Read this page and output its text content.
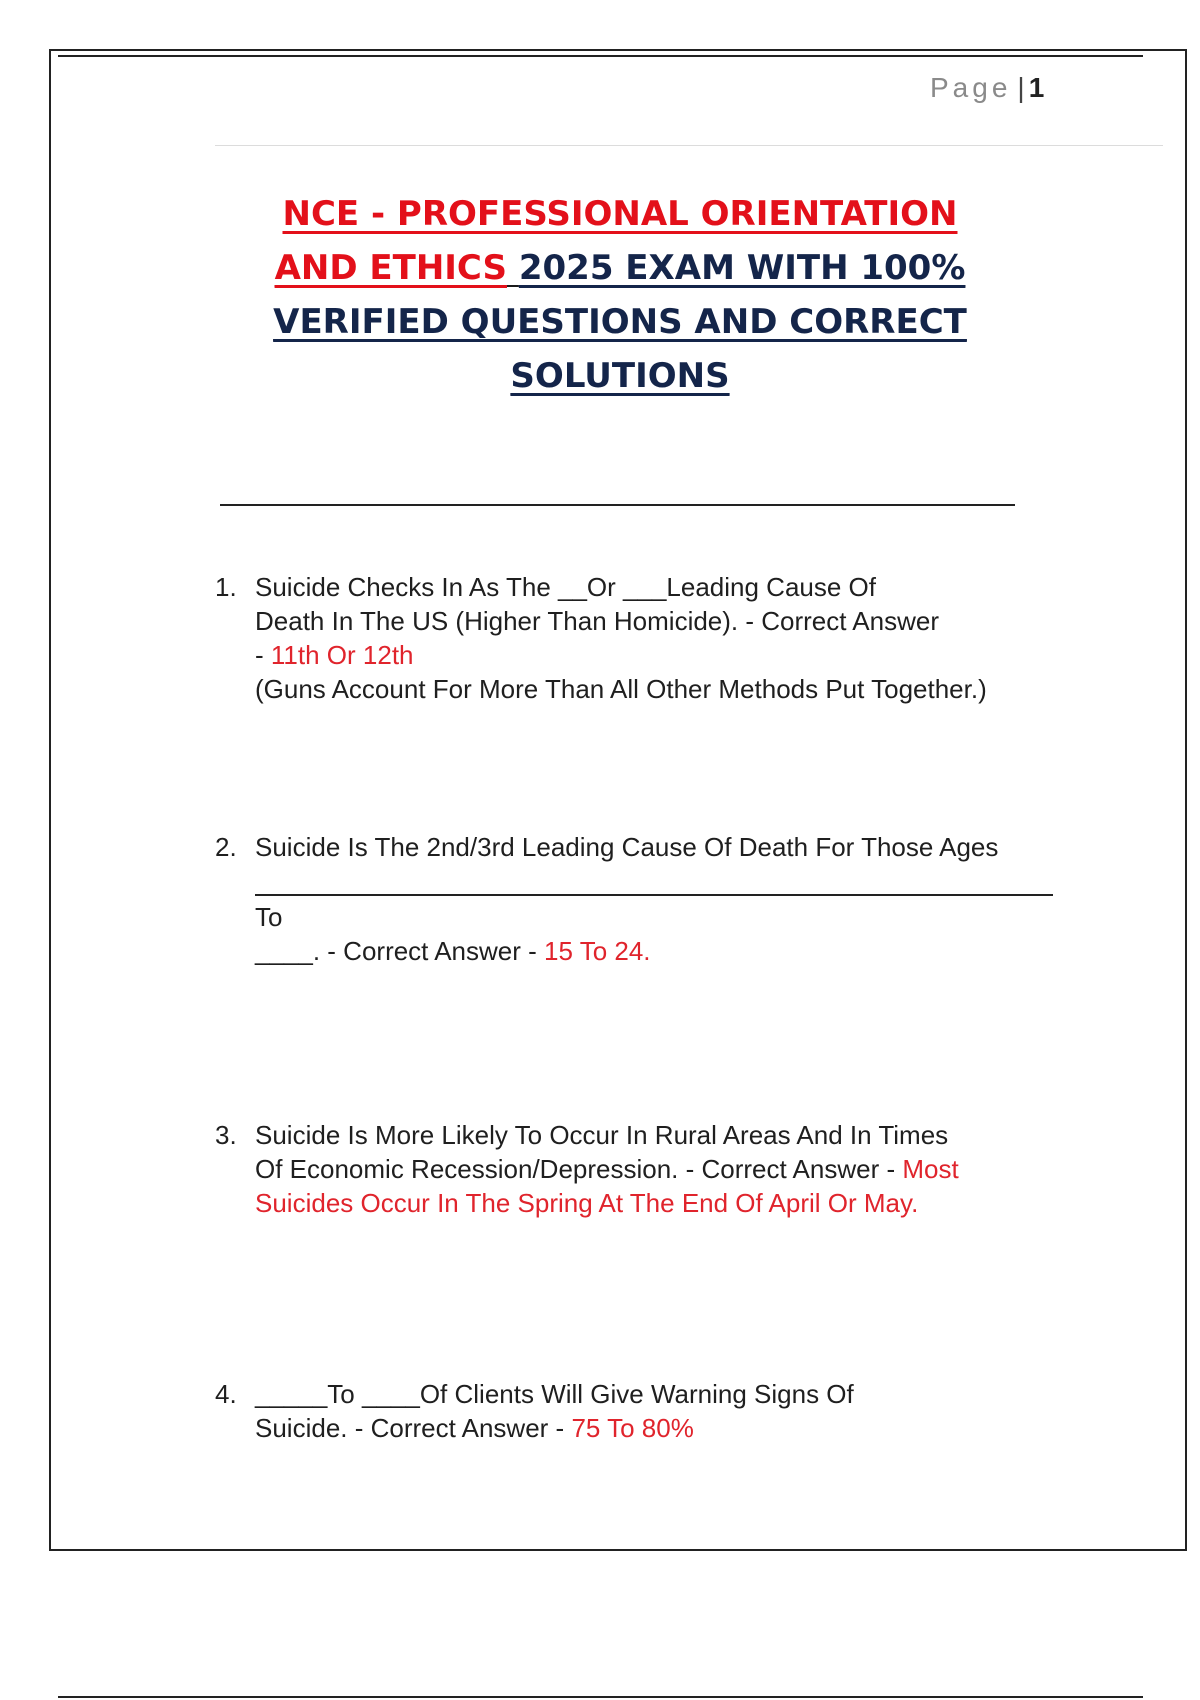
Page | 1
NCE - PROFESSIONAL ORIENTATION
AND ETHICS 2025 EXAM WITH 100% VERIFIED QUESTIONS AND CORRECT SOLUTIONS
1. Suicide Checks In As The __Or ___Leading Cause Of Death In The US (Higher Than Homicide). - Correct Answer - 11th Or 12th
(Guns Account For More Than All Other Methods Put Together.)
2. Suicide Is The 2nd/3rd Leading Cause Of Death For Those Ages
To
____. - Correct Answer - 15 To 24.
3. Suicide Is More Likely To Occur In Rural Areas And In Times Of Economic Recession/Depression. - Correct Answer - Most Suicides Occur In The Spring At The End Of April Or May.
4. _____To ____Of Clients Will Give Warning Signs Of Suicide. - Correct Answer - 75 To 80%
